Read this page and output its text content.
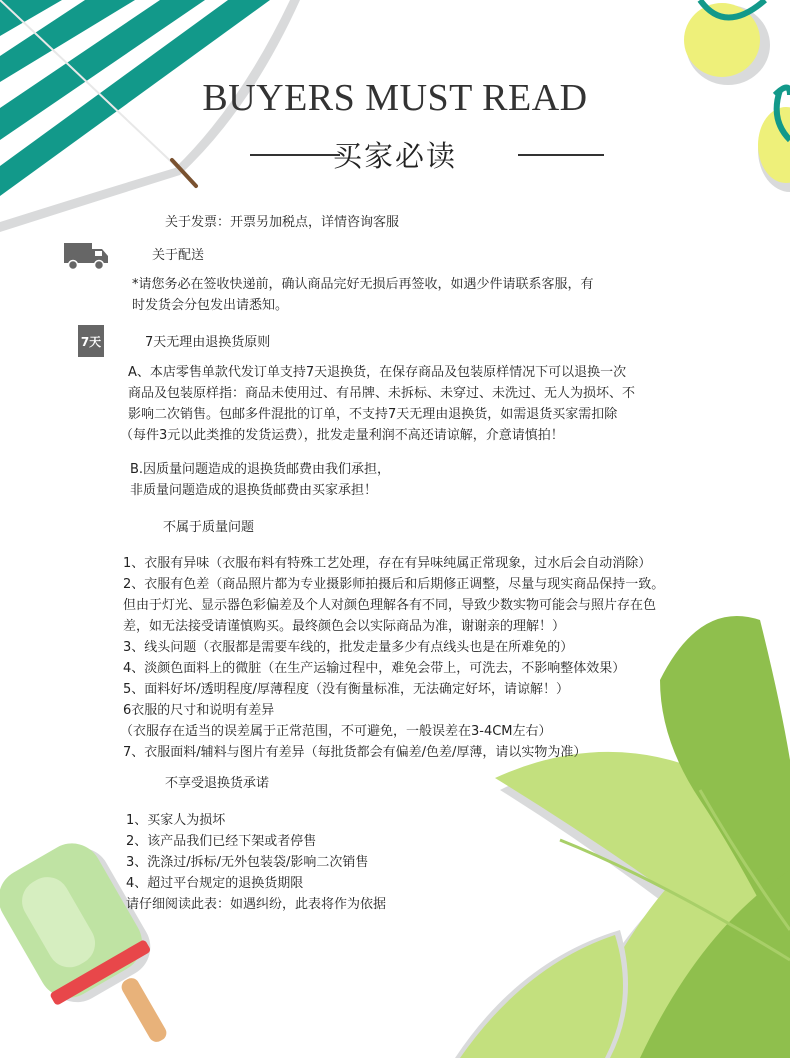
BUYERS MUST READ
买家必读
关于发票：开票另加税点，详情咨询客服
关于配送
*请您务必在签收快递前，确认商品完好无损后再签收，如遇少件请联系客服，有
时发货会分包发出请悉知。
7天	7天无理由退换货原则
A、本店零售单款代发订单支持7天退换货，在保存商品及包装原样情况下可以退换一次
商品及包装原样指：商品未使用过、有吊牌、未拆标、未穿过、未洗过、无人为损坏、不
影响二次销售。包邮多件混批的订单，不支持7天无理由退换货，如需退货买家需扣除
（每件3元以此类推的发货运费），批发走量利润不高还请谅解，介意请慎拍！
B.因质量问题造成的退换货邮费由我们承担，
非质量问题造成的退换货邮费由买家承担！
不属于质量问题
1、衣服有异味（衣服布料有特殊工艺处理，存在有异味纯属正常现象，过水后会自动消除）
2、衣服有色差（商品照片都为专业摄影师拍摄后和后期修正调整，尽量与现实商品保持一致。
但由于灯光、显示器色彩偏差及个人对颜色理解各有不同，导致少数实物可能会与照片存在色
差，如无法接受请谨慎购买。最终颜色会以实际商品为准，谢谢亲的理解！）
3、线头问题（衣服都是需要车线的，批发走量多少有点线头也是在所难免的）
4、淡颜色面料上的微脏（在生产运输过程中，难免会带上，可洗去，不影响整体效果）
5、面料好坏/透明程度/厚薄程度（没有衡量标准，无法确定好坏，请谅解！）
6衣服的尺寸和说明有差异
（衣服存在适当的误差属于正常范围，不可避免，一般误差在3-4CM左右）
7、衣服面料/辅料与图片有差异（每批货都会有偏差/色差/厚薄，请以实物为准）
不享受退换货承诺
1、买家人为损坏
2、该产品我们已经下架或者停售
3、洗涤过/拆标/无外包装袋/影响二次销售
4、超过平台规定的退换货期限
请仔细阅读此表：如遇纠纷，此表将作为依据
